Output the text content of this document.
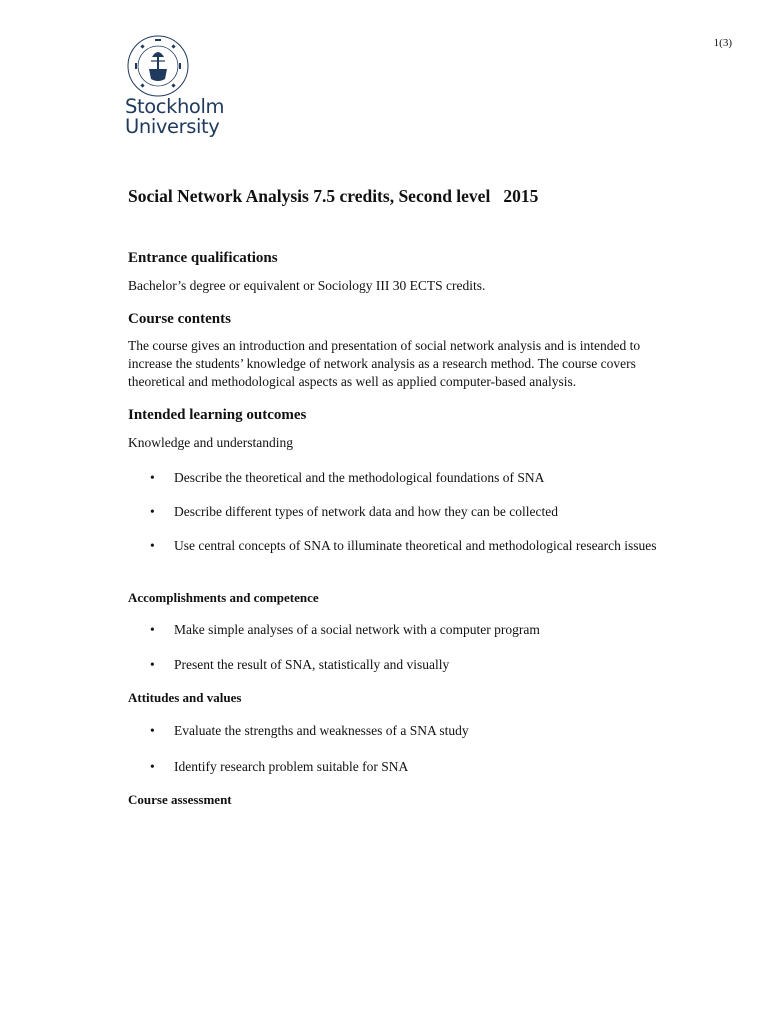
1(3)
Stockholm
University
Social Network Analysis 7.5 credits, Second level   2015
Entrance qualifications
Bachelor’s degree or equivalent or Sociology III 30 ECTS credits.
Course contents
The course gives an introduction and presentation of social network analysis and is intended to increase the students’ knowledge of network analysis as a research method. The course covers theoretical and methodological aspects as well as applied computer-based analysis.
Intended learning outcomes
Knowledge and understanding
• Describe the theoretical and the methodological foundations of SNA
• Describe different types of network data and how they can be collected
• Use central concepts of SNA to illuminate theoretical and methodological research issues
Accomplishments and competence
• Make simple analyses of a social network with a computer program
• Present the result of SNA, statistically and visually
Attitudes and values
• Evaluate the strengths and weaknesses of a SNA study
• Identify research problem suitable for SNA
Course assessment
